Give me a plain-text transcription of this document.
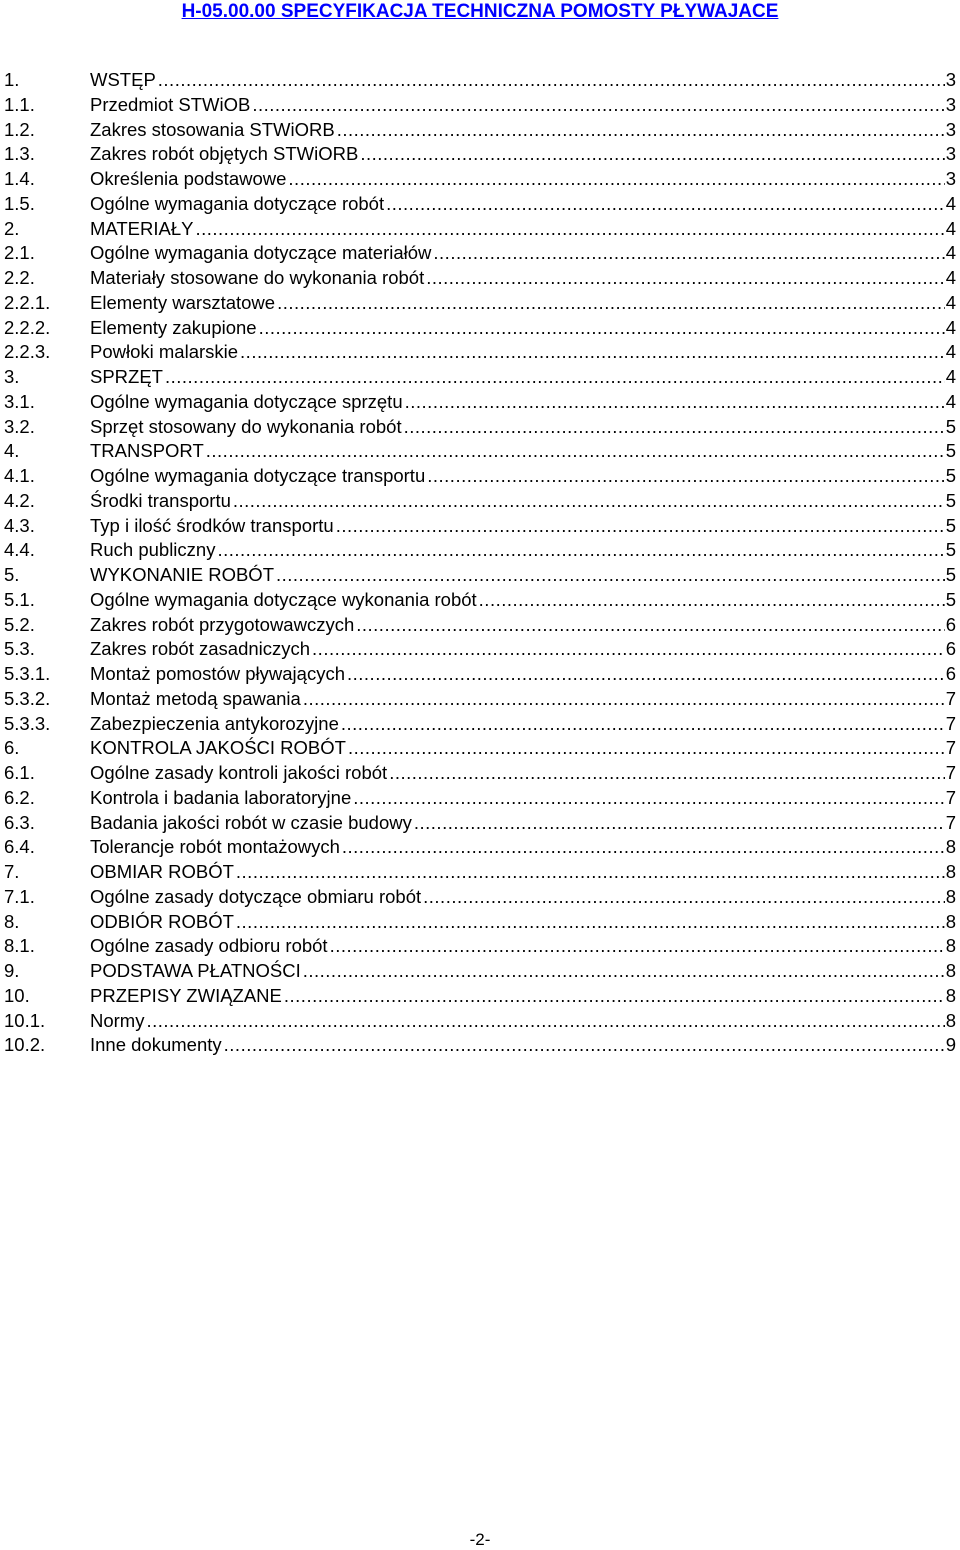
H-05.00.00 SPECYFIKACJA TECHNICZNA POMOSTY PŁYWAJACE
1.	WSTĘP .....	3
1.1.	Przedmiot STWiOB .....	3
1.2.	Zakres stosowania STWiORB .....	3
1.3.	Zakres robót objętych STWiORB .....	3
1.4.	Określenia podstawowe .....	3
1.5.	Ogólne wymagania dotyczące robót .....	4
2.	MATERIAŁY .....	4
2.1.	Ogólne wymagania dotyczące materiałów .....	4
2.2.	Materiały stosowane do wykonania robót .....	4
2.2.1. Elementy warsztatowe .....	4
2.2.2. Elementy zakupione .....	4
2.2.3. Powłoki malarskie .....	4
3.	SPRZĘT .....	4
3.1.	Ogólne wymagania dotyczące sprzętu .....	4
3.2.	Sprzęt stosowany do wykonania robót .....	5
4.	TRANSPORT .....	5
4.1.	Ogólne wymagania dotyczące transportu .....	5
4.2.	Środki transportu .....	5
4.3.	Typ i ilość środków transportu .....	5
4.4.	Ruch publiczny .....	5
5.	WYKONANIE ROBÓT .....	5
5.1.	Ogólne wymagania dotyczące wykonania robót .....	5
5.2.	Zakres robót przygotowawczych .....	6
5.3.	Zakres robót zasadniczych .....	6
5.3.1. Montaż pomostów pływających .....	6
5.3.2. Montaż metodą spawania .....	7
5.3.3. Zabezpieczenia antykorozyjne .....	7
6.	KONTROLA JAKOŚCI ROBÓT .....	7
6.1.	Ogólne zasady kontroli jakości robót .....	7
6.2.	Kontrola i badania laboratoryjne .....	7
6.3.	Badania jakości robót w czasie budowy .....	7
6.4.	Tolerancje robót montażowych .....	8
7.	OBMIAR ROBÓT .....	8
7.1.	Ogólne zasady dotyczące obmiaru robót .....	8
8.	ODBIÓR ROBÓT .....	8
8.1.	Ogólne zasady odbioru robót .....	8
9.	PODSTAWA PŁATNOŚCI .....	8
10.	PRZEPISY ZWIĄZANE .....	8
10.1. Normy .....	8
10.2. Inne dokumenty .....	9
-2-
